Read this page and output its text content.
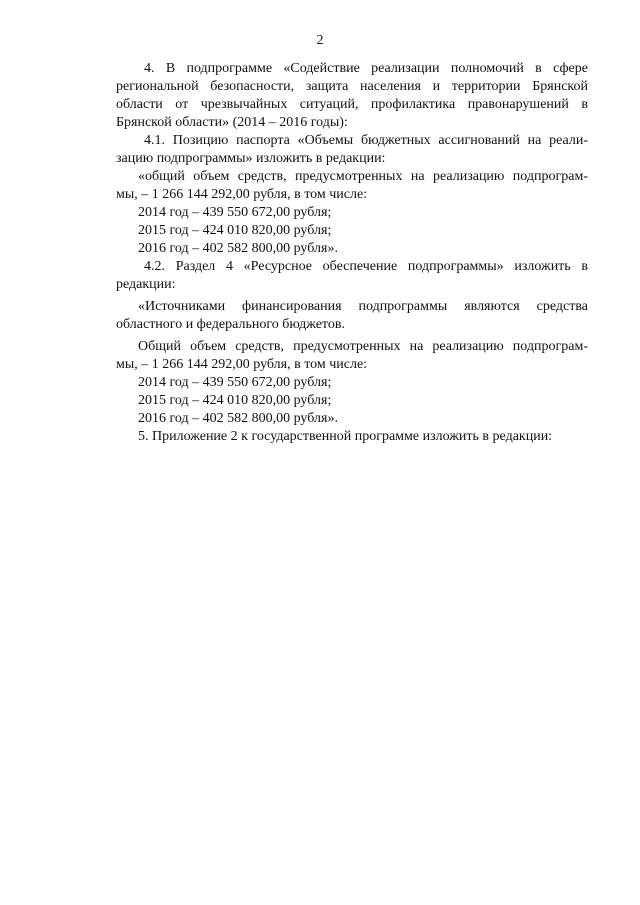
2

4. В подпрограмме «Содействие реализации полномочий в сфере

региональной безопасности, защита населения и территории Брянской

области от чрезвычайных ситуаций, профилактика правонарушений в

Брянской области» (2014 – 2016 годы):

4.1. Позицию паспорта «Объемы бюджетных ассигнований на реали-

зацию подпрограммы» изложить в редакции:

«общий объем средств, предусмотренных на реализацию подпрограм-

мы, – 1 266 144 292,00 рубля, в том числе:

2014 год – 439 550 672,00 рубля;

2015 год – 424 010 820,00 рубля;

2016 год – 402 582 800,00 рубля».

4.2. Раздел 4 «Ресурсное обеспечение подпрограммы» изложить в

редакции:

«Источниками финансирования подпрограммы являются средства

областного и федерального бюджетов.

Общий объем средств, предусмотренных на реализацию подпрограм-

мы, – 1 266 144 292,00 рубля, в том числе:

2014 год – 439 550 672,00 рубля;

2015 год – 424 010 820,00 рубля;

2016 год – 402 582 800,00 рубля».

5. Приложение 2 к государственной программе изложить в редакции:
